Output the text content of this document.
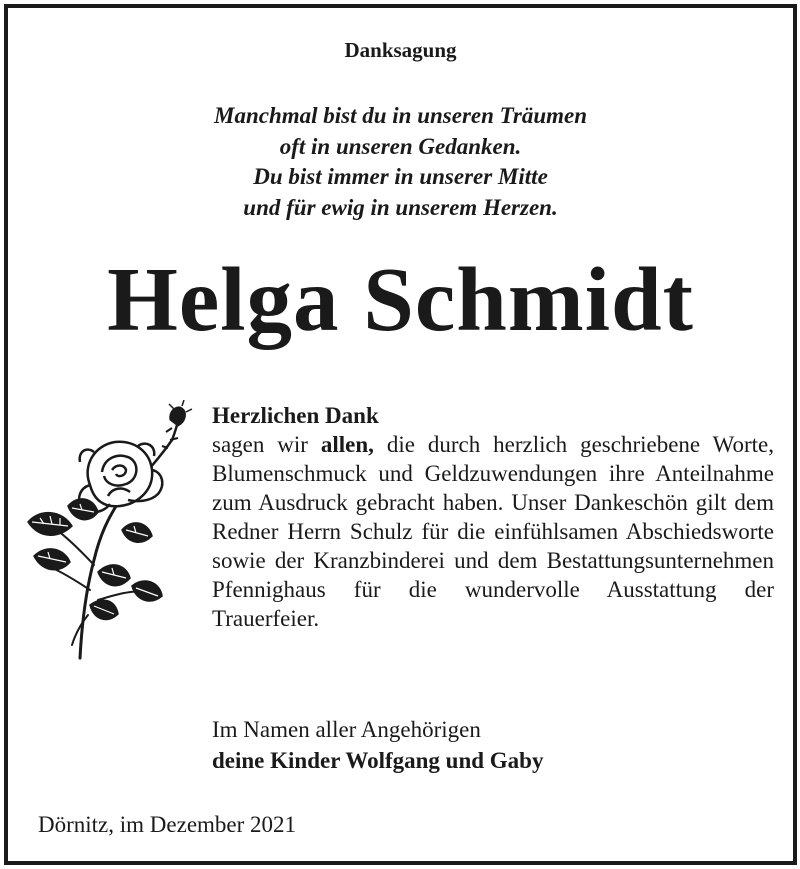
Danksagung
Manchmal bist du in unseren Träumen
oft in unseren Gedanken.
Du bist immer in unserer Mitte
und für ewig in unserem Herzen.
Helga Schmidt
Herzlichen Dank
sagen wir allen, die durch herzlich geschriebene Worte, Blumenschmuck und Geldzuwendungen ihre Anteilnahme zum Ausdruck gebracht haben. Unser Dankeschön gilt dem Redner Herrn Schulz für die einfühlsamen Abschiedsworte sowie der Kranzbinderei und dem Bestattungsunternehmen Pfennighaus für die wundervolle Ausstattung der Trauerfeier.
Im Namen aller Angehörigen
deine Kinder Wolfgang und Gaby
Dörnitz, im Dezember 2021
